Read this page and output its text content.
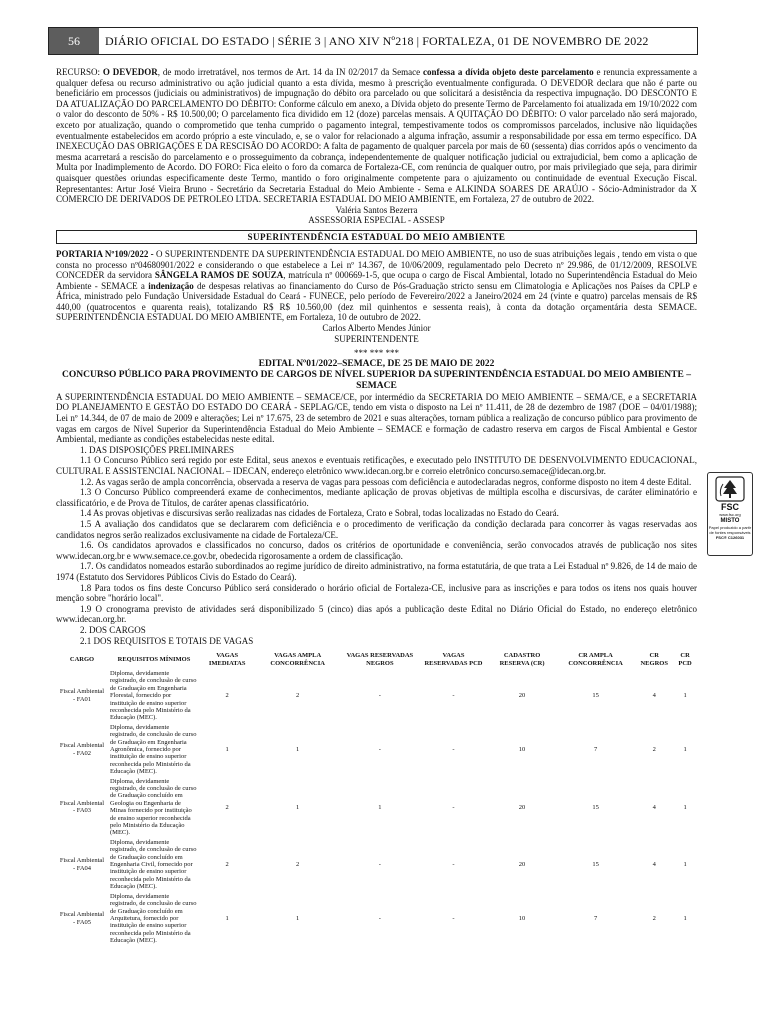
56	DIÁRIO OFICIAL DO ESTADO | SÉRIE 3 | ANO XIV Nº218 | FORTALEZA, 01 DE NOVEMBRO DE 2022

RECURSO: O DEVEDOR, de modo irretratável, nos termos de Art. 14 da IN 02/2017 da Semace confessa a dívida objeto deste parcelamento e renuncia expressamente a qualquer defesa ou recurso administrativo ou ação judicial quanto a esta dívida, mesmo à prescrição eventualmente configurada. O DEVEDOR declara que não é parte ou beneficiário em processos (judiciais ou administrativos) de impugnação do débito ora parcelado ou que solicitará a desistência da respectiva impugnação. DO DESCONTO E DA ATUALIZAÇÃO DO PARCELAMENTO DO DÉBITO: Conforme cálculo em anexo, a Dívida objeto do presente Termo de Parcelamento foi atualizada em 19/10/2022 com o valor do desconto de 50% - R$ 10.500,00; O parcelamento fica dividido em 12 (doze) parcelas mensais. A QUITAÇÃO DO DÉBITO: O valor parcelado não será majorado, exceto por atualização, quando o comprometido que tenha cumprido o pagamento integral, tempestivamente todos os compromissos parcelados, inclusive não liquidações eventualmente estabelecidos em acordo próprio a este vinculado, e, se o valor for relacionado a alguma infração, assumir a responsabilidade por essa em termo específico. DA INEXECUÇÃO DAS OBRIGAÇÕES E DA RESCISÃO DO ACORDO: A falta de pagamento de qualquer parcela por mais de 60 (sessenta) dias corridos após o vencimento da mesma acarretará a rescisão do parcelamento e o prosseguimento da cobrança, independentemente de qualquer notificação judicial ou extrajudicial, bem como a aplicação de Multa por Inadimplemento de Acordo. DO FORO: Fica eleito o foro da comarca de Fortaleza-CE, com renúncia de qualquer outro, por mais privilegiado que seja, para dirimir quaisquer questões oriundas especificamente deste Termo, mantido o foro originalmente competente para o ajuizamento ou continuidade de eventual Execução Fiscal. Representantes: Artur José Vieira Bruno - Secretário da Secretaria Estadual do Meio Ambiente - Sema e ALKINDA SOARES DE ARAÚJO - Sócio-Administrador da X COMERCIO DE DERIVADOS DE PETROLEO LTDA. SECRETARIA ESTADUAL DO MEIO AMBIENTE, em Fortaleza, 27 de outubro de 2022.

Valéria Santos Bezerra

ASSESSORIA ESPECIAL - ASSESP

SUPERINTENDÊNCIA ESTADUAL DO MEIO AMBIENTE

PORTARIA Nº109/2022 - O SUPERINTENDENTE DA SUPERINTENDÊNCIA ESTADUAL DO MEIO AMBIENTE, no uso de suas atribuições legais , tendo em vista o que consta no processo nº04680901/2022 e considerando o que estabelece a Lei nº 14.367, de 10/06/2009, regulamentado pelo Decreto nº 29.986, de 01/12/2009, RESOLVE CONCEDER da servidora SÂNGELA RAMOS DE SOUZA, matrícula nº 000669-1-5, que ocupa o cargo de Fiscal Ambiental, lotado no Superintendência Estadual do Meio Ambiente - SEMACE a indenização de despesas relativas ao financiamento do Curso de Pós-Graduação stricto sensu em Climatologia e Aplicações nos Países da CPLP e África, ministrado pelo Fundação Universidade Estadual do Ceará - FUNECE, pelo período de Fevereiro/2022 a Janeiro/2024 em 24 (vinte e quatro) parcelas mensais de R$ 440,00 (quatrocentos e quarenta reais), totalizando R$ R$ 10.560,00 (dez mil quinhentos e sessenta reais), à conta da dotação orçamentária desta SEMACE. SUPERINTENDÊNCIA ESTADUAL DO MEIO AMBIENTE, em Fortaleza, 10 de outubro de 2022.

Carlos Alberto Mendes Júnior

SUPERINTENDENTE

*** *** ***

EDITAL Nº01/2022–SEMACE, DE 25 DE MAIO DE 2022

CONCURSO PÚBLICO PARA PROVIMENTO DE CARGOS DE NÍVEL SUPERIOR DA SUPERINTENDÊNCIA ESTADUAL DO MEIO AMBIENTE – SEMACE

A SUPERINTENDÊNCIA ESTADUAL DO MEIO AMBIENTE – SEMACE/CE, por intermédio da SECRETARIA DO MEIO AMBIENTE – SEMA/CE, e a SECRETARIA DO PLANEJAMENTO E GESTÃO DO ESTADO DO CEARÁ - SEPLAG/CE, tendo em vista o disposto na Lei nº 11.411, de 28 de dezembro de 1987 (DOE – 04/01/1988); Lei nº 14.344, de 07 de maio de 2009 e alterações; Lei nº 17.675, 23 de setembro de 2021 e suas alterações, tornam pública a realização de concurso público para provimento de vagas em cargos de Nível Superior da Superintendência Estadual do Meio Ambiente – SEMACE e formação de cadastro reserva em cargos de Fiscal Ambiental e Gestor Ambiental, mediante as condições estabelecidas neste edital.

1. DAS DISPOSIÇÕES PRELIMINARES

1.1 O Concurso Público será regido por este Edital, seus anexos e eventuais retificações, e executado pelo INSTITUTO DE DESENVOLVIMENTO EDUCACIONAL, CULTURAL E ASSISTENCIAL NACIONAL – IDECAN, endereço eletrônico www.idecan.org.br e correio eletrônico concurso.semace@idecan.org.br.

1.2. As vagas serão de ampla concorrência, observada a reserva de vagas para pessoas com deficiência e autodeclaradas negros, conforme disposto no item 4 deste Edital.

1.3 O Concurso Público compreenderá exame de conhecimentos, mediante aplicação de provas objetivas de múltipla escolha e discursivas, de caráter eliminatório e classificatório, e de Prova de Títulos, de caráter apenas classificatório.

1.4 As provas objetivas e discursivas serão realizadas nas cidades de Fortaleza, Crato e Sobral, todas localizadas no Estado do Ceará.

1.5 A avaliação dos candidatos que se declararem com deficiência e o procedimento de verificação da condição declarada para concorrer às vagas reservadas aos candidatos negros serão realizados exclusivamente na cidade de Fortaleza/CE.

1.6. Os candidatos aprovados e classificados no concurso, dados os critérios de oportunidade e conveniência, serão convocados através de publicação nos sites www.idecan.org.br e www.semace.ce.gov.br, obedecida rigorosamente a ordem de classificação.

1.7. Os candidatos nomeados estarão subordinados ao regime jurídico de direito administrativo, na forma estatutária, de que trata a Lei Estadual nº 9.826, de 14 de maio de 1974 (Estatuto dos Servidores Públicos Civis do Estado do Ceará).

1.8 Para todos os fins deste Concurso Público será considerado o horário oficial de Fortaleza-CE, inclusive para as inscrições e para todos os itens nos quais houver menção sobre "horário local".

1.9 O cronograma previsto de atividades será disponibilizado 5 (cinco) dias após a publicação deste Edital no Diário Oficial do Estado, no endereço eletrônico www.idecan.org.br.

2. DOS CARGOS

2.1 DOS REQUISITOS E TOTAIS DE VAGAS

CARGO	REQUISITOS MÍNIMOS	VAGAS IMEDIATAS	VAGAS AMPLA CONCORRÊNCIA	VAGAS RESERVADAS NEGROS	VAGAS RESERVADAS PCD	CADASTRO RESERVA (CR)	CR AMPLA CONCORRÊNCIA	CR NEGROS	CR PCD
Fiscal Ambiental - FA01	Diploma, devidamente registrado, de conclusão de curso de Graduação em Engenharia Florestal, fornecido por instituição de ensino superior reconhecida pelo Ministério da Educação (MEC).	2	2	-	-	20	15	4	1
Fiscal Ambiental - FA02	Diploma, devidamente registrado, de conclusão de curso de Graduação em Engenharia Agronômica, fornecido por instituição de ensino superior reconhecida pelo Ministério da Educação (MEC).	1	1	-	-	10	7	2	1
Fiscal Ambiental - FA03	Diploma, devidamente registrado, de conclusão de curso de Graduação concluído em Geologia ou Engenharia de Minas fornecido por instituição de ensino superior reconhecida pelo Ministério da Educação (MEC).	2	1	1	-	20	15	4	1
Fiscal Ambiental - FA04	Diploma, devidamente registrado, de conclusão de curso de Graduação concluído em Engenharia Civil, fornecido por instituição de ensino superior reconhecida pelo Ministério da Educação (MEC).	2	2	-	-	20	15	4	1
Fiscal Ambiental - FA05	Diploma, devidamente registrado, de conclusão de curso de Graduação concluído em Arquitetura, fornecido por instituição de ensino superior reconhecida pelo Ministério da Educação (MEC).	1	1	-	-	10	7	2	1
FSC
www.fsc.org
MISTO
Papel produzido a partir de fontes responsáveis
FSC® C126031
